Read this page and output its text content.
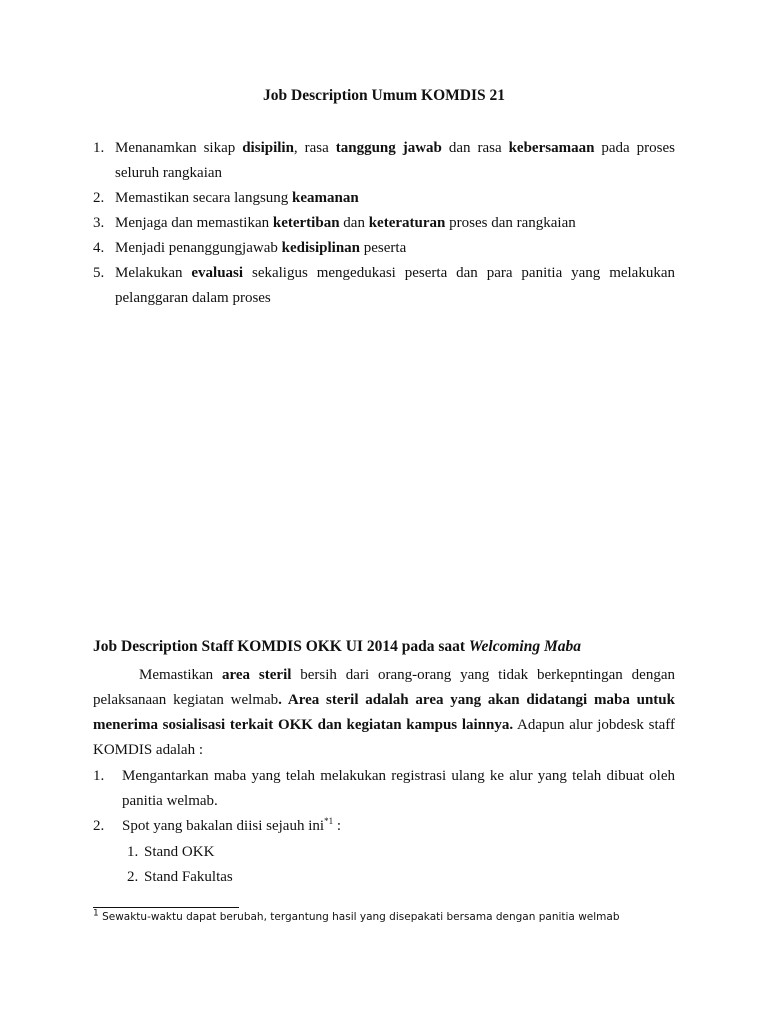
Job Description Umum KOMDIS 21
1. Menanamkan sikap disipilin, rasa tanggung jawab dan rasa kebersamaan pada proses seluruh rangkaian
2. Memastikan secara langsung keamanan
3. Menjaga dan memastikan ketertiban dan keteraturan proses dan rangkaian
4. Menjadi penanggungjawab kedisiplinan peserta
5. Melakukan evaluasi sekaligus mengedukasi peserta dan para panitia yang melakukan pelanggaran dalam proses
Job Description Staff KOMDIS OKK UI 2014 pada saat Welcoming Maba
Memastikan area steril bersih dari orang-orang yang tidak berkepntingan dengan pelaksanaan kegiatan welmab. Area steril adalah area yang akan didatangi maba untuk menerima sosialisasi terkait OKK dan kegiatan kampus lainnya. Adapun alur jobdesk staff KOMDIS adalah :
1. Mengantarkan maba yang telah melakukan registrasi ulang ke alur yang telah dibuat oleh panitia welmab.
2. Spot yang bakalan diisi sejauh ini$^{*1}$ :
1. Stand OKK
2. Stand Fakultas
$^1$ Sewaktu-waktu dapat berubah, tergantung hasil yang disepakati bersama dengan panitia welmab
